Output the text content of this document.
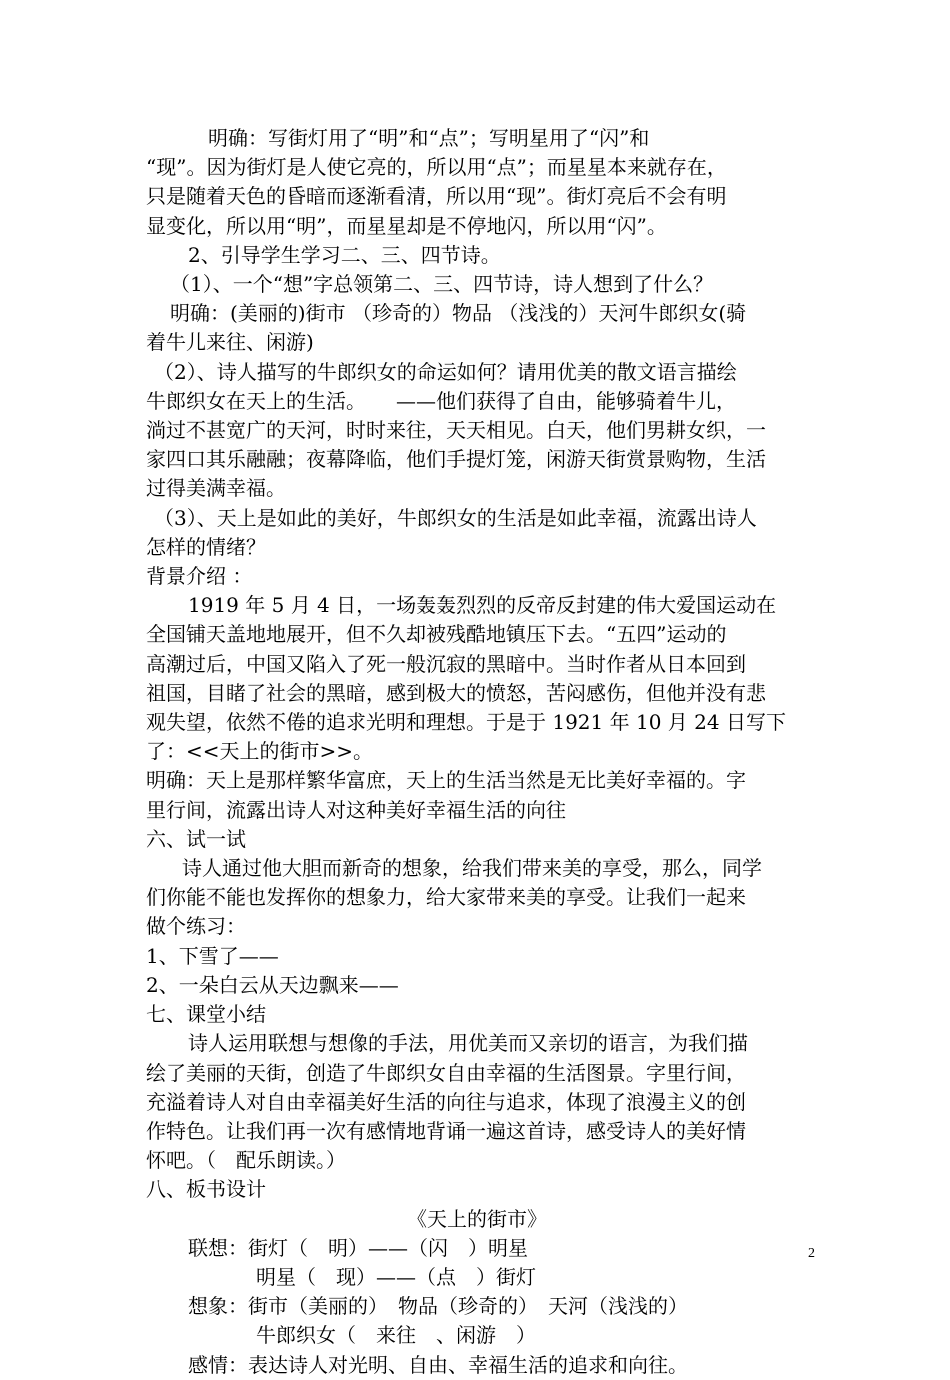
明确：写街灯用了“明”和“点”；写明星用了“闪”和

“现”。因为街灯是人使它亮的，所以用“点”；而星星本来就存在，

只是随着天色的昏暗而逐渐看清，所以用“现”。街灯亮后不会有明

显变化，所以用“明”，而星星却是不停地闪，所以用“闪”。

2、引导学生学习二、三、四节诗。

（1）、一个“想”字总领第二、三、四节诗，诗人想到了什么？

明确：(美丽的)街市 （珍奇的）物品 （浅浅的）天河牛郎织女(骑

着牛儿来往、闲游)

（2）、诗人描写的牛郎织女的命运如何？请用优美的散文语言描绘

牛郎织女在天上的生活。　　——他们获得了自由，能够骑着牛儿，

淌过不甚宽广的天河，时时来往，天天相见。白天，他们男耕女织，一

家四口其乐融融；夜幕降临，他们手提灯笼，闲游天街赏景购物，生活

过得美满幸福。

（3）、天上是如此的美好，牛郎织女的生活是如此幸福，流露出诗人

怎样的情绪？

背景介绍 ：

1919 年 5 月 4 日，一场轰轰烈烈的反帝反封建的伟大爱国运动在

全国铺天盖地地展开，但不久却被残酷地镇压下去。“五四”运动的

高潮过后，中国又陷入了死一般沉寂的黑暗中。当时作者从日本回到

祖国，目睹了社会的黑暗，感到极大的愤怒，苦闷感伤，但他并没有悲

观失望，依然不倦的追求光明和理想。于是于 1921 年 10 月 24 日写下

了：<<天上的街市>>。

明确：天上是那样繁华富庶，天上的生活当然是无比美好幸福的。字

里行间，流露出诗人对这种美好幸福生活的向往

六、试一试

诗人通过他大胆而新奇的想象，给我们带来美的享受，那么，同学

们你能不能也发挥你的想象力，给大家带来美的享受。让我们一起来

做个练习：

1、下雪了——

2、一朵白云从天边飘来——

七、课堂小结

诗人运用联想与想像的手法，用优美而又亲切的语言，为我们描

绘了美丽的天街，创造了牛郎织女自由幸福的生活图景。字里行间，

充溢着诗人对自由幸福美好生活的向往与追求，体现了浪漫主义的创

作特色。让我们再一次有感情地背诵一遍这首诗，感受诗人的美好情

怀吧。（　配乐朗读。）

八、板书设计

《天上的街市》

联想：街灯（　明）——（闪　）明星

明星（　现）——（点　）街灯

想象：街市（美丽的）　物品（珍奇的）　天河（浅浅的）

牛郎织女（　来往　、闲游　）

感情：表达诗人对光明、自由、幸福生活的追求和向往。

2
